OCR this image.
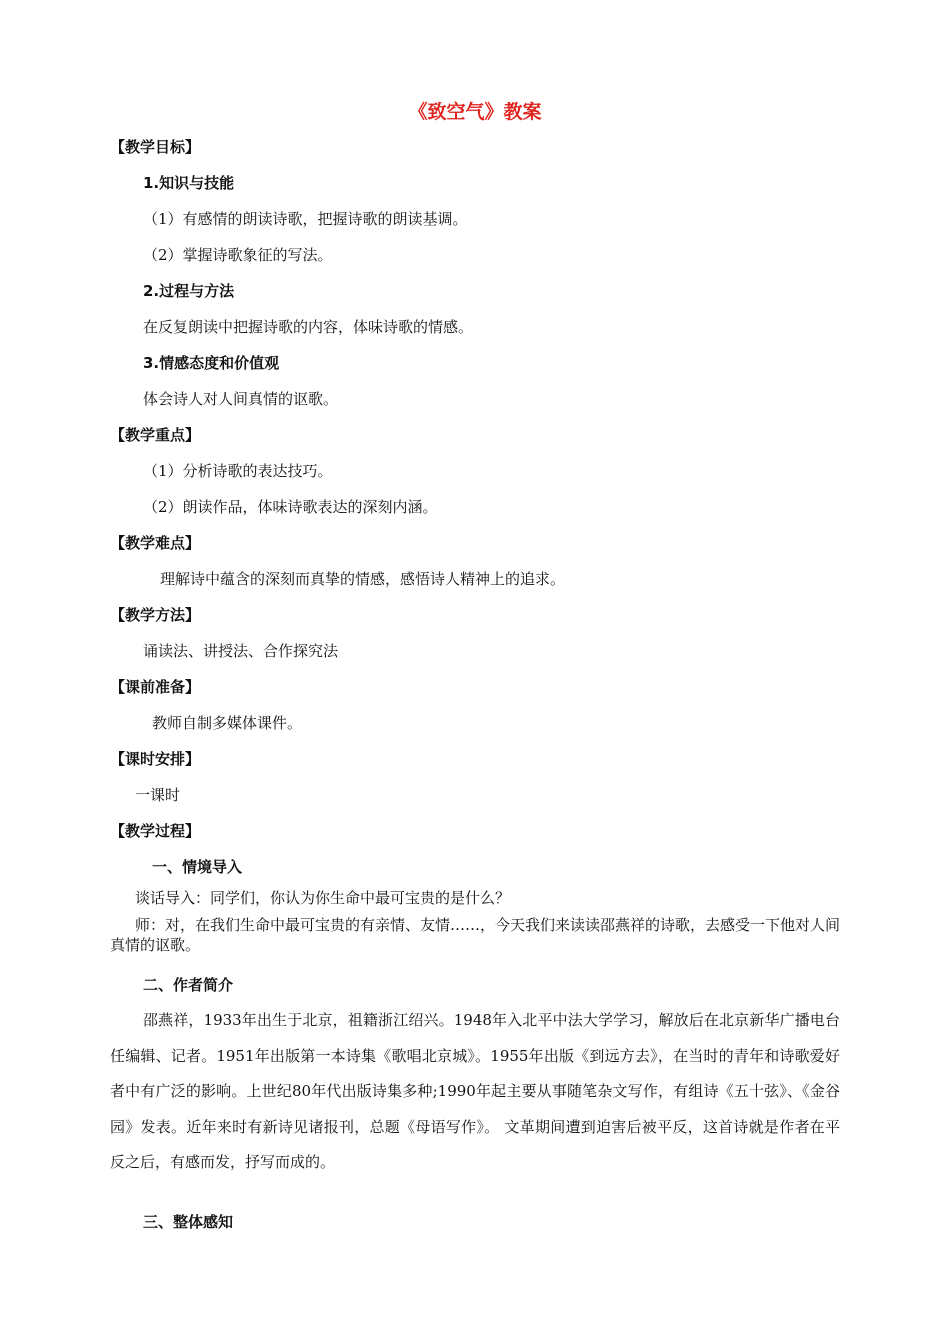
《致空气》教案
【教学目标】
1.知识与技能
（1）有感情的朗读诗歌，把握诗歌的朗读基调。
（2）掌握诗歌象征的写法。
2.过程与方法
在反复朗读中把握诗歌的内容，体味诗歌的情感。
3.情感态度和价值观
体会诗人对人间真情的讴歌。
【教学重点】
（1）分析诗歌的表达技巧。
（2）朗读作品，体味诗歌表达的深刻内涵。
【教学难点】
理解诗中蕴含的深刻而真挚的情感，感悟诗人精神上的追求。
【教学方法】
诵读法、讲授法、合作探究法
【课前准备】
教师自制多媒体课件。
【课时安排】
一课时
【教学过程】
一、情境导入
谈话导入：同学们，你认为你生命中最可宝贵的是什么？

师：对，在我们生命中最可宝贵的有亲情、友情……，今天我们来读读邵燕祥的诗歌，去感受一下他对人间真情的讴歌。

二、作者简介

邵燕祥，1933年出生于北京，祖籍浙江绍兴。1948年入北平中法大学学习，解放后在北京新华广播电台任编辑、记者。1951年出版第一本诗集《歌唱北京城》。1955年出版《到远方去》，在当时的青年和诗歌爱好者中有广泛的影响。上世纪80年代出版诗集多种;1990年起主要从事随笔杂文写作，有组诗《五十弦》、《金谷园》发表。近年来时有新诗见诸报刊，总题《母语写作》。 文革期间遭到迫害后被平反，这首诗就是作者在平反之后，有感而发，抒写而成的。

三、整体感知
